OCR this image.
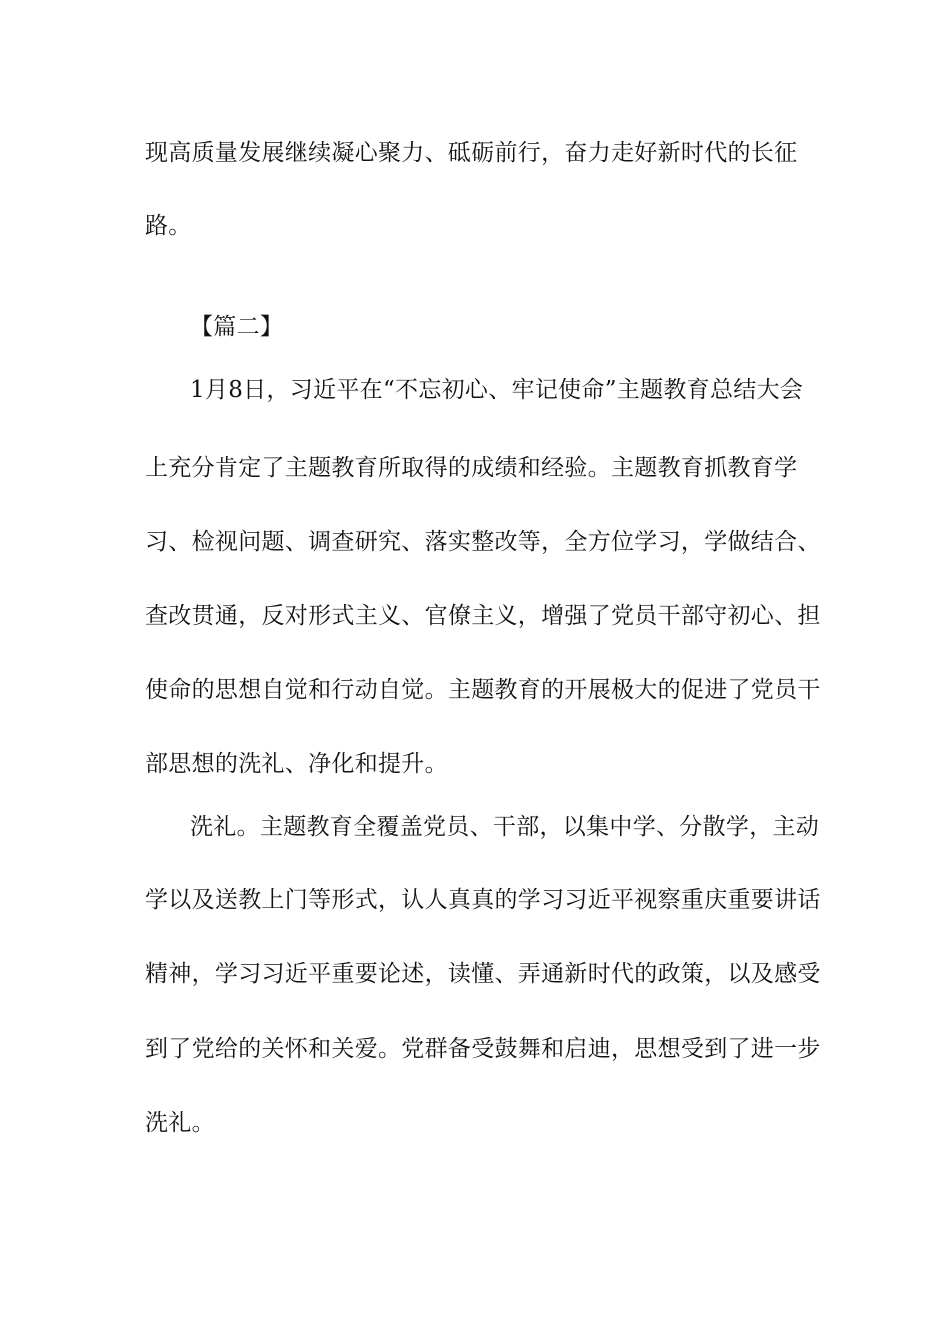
现高质量发展继续凝心聚力、砥砺前行，奋力走好新时代的长征
路。
【篇二】
1月8日，习近平在“不忘初心、牢记使命”主题教育总结大会
上充分肯定了主题教育所取得的成绩和经验。主题教育抓教育学
习、检视问题、调查研究、落实整改等，全方位学习，学做结合、
查改贯通，反对形式主义、官僚主义，增强了党员干部守初心、担
使命的思想自觉和行动自觉。主题教育的开展极大的促进了党员干
部思想的洗礼、净化和提升。
洗礼。主题教育全覆盖党员、干部，以集中学、分散学，主动
学以及送教上门等形式，认人真真的学习习近平视察重庆重要讲话
精神，学习习近平重要论述，读懂、弄通新时代的政策，以及感受
到了党给的关怀和关爱。党群备受鼓舞和启迪，思想受到了进一步
洗礼。
